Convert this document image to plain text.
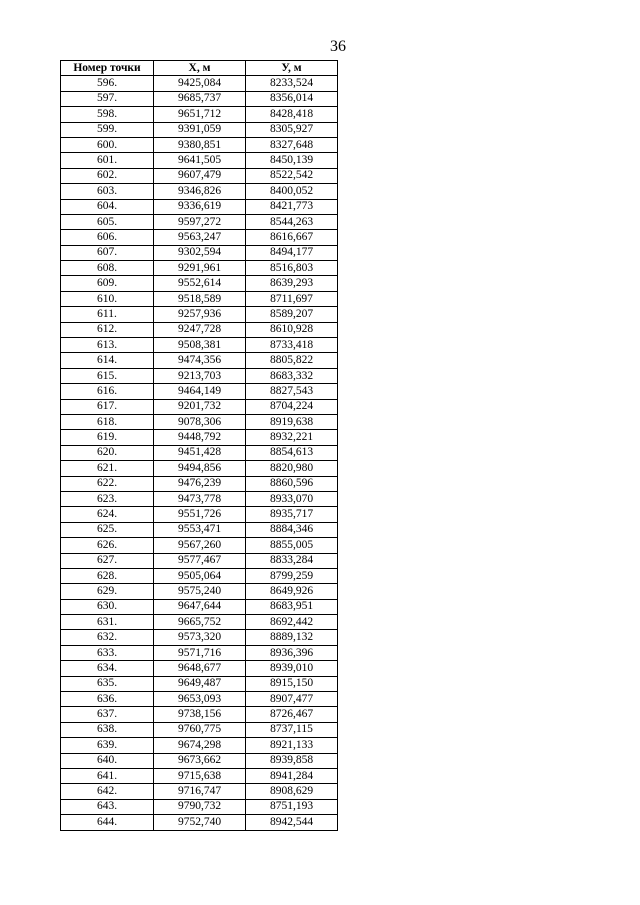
36
Номер точки	X, м	У, м
596.	9425,084	8233,524
597.	9685,737	8356,014
598.	9651,712	8428,418
599.	9391,059	8305,927
600.	9380,851	8327,648
601.	9641,505	8450,139
602.	9607,479	8522,542
603.	9346,826	8400,052
604.	9336,619	8421,773
605.	9597,272	8544,263
606.	9563,247	8616,667
607.	9302,594	8494,177
608.	9291,961	8516,803
609.	9552,614	8639,293
610.	9518,589	8711,697
611.	9257,936	8589,207
612.	9247,728	8610,928
613.	9508,381	8733,418
614.	9474,356	8805,822
615.	9213,703	8683,332
616.	9464,149	8827,543
617.	9201,732	8704,224
618.	9078,306	8919,638
619.	9448,792	8932,221
620.	9451,428	8854,613
621.	9494,856	8820,980
622.	9476,239	8860,596
623.	9473,778	8933,070
624.	9551,726	8935,717
625.	9553,471	8884,346
626.	9567,260	8855,005
627.	9577,467	8833,284
628.	9505,064	8799,259
629.	9575,240	8649,926
630.	9647,644	8683,951
631.	9665,752	8692,442
632.	9573,320	8889,132
633.	9571,716	8936,396
634.	9648,677	8939,010
635.	9649,487	8915,150
636.	9653,093	8907,477
637.	9738,156	8726,467
638.	9760,775	8737,115
639.	9674,298	8921,133
640.	9673,662	8939,858
641.	9715,638	8941,284
642.	9716,747	8908,629
643.	9790,732	8751,193
644.	9752,740	8942,544
